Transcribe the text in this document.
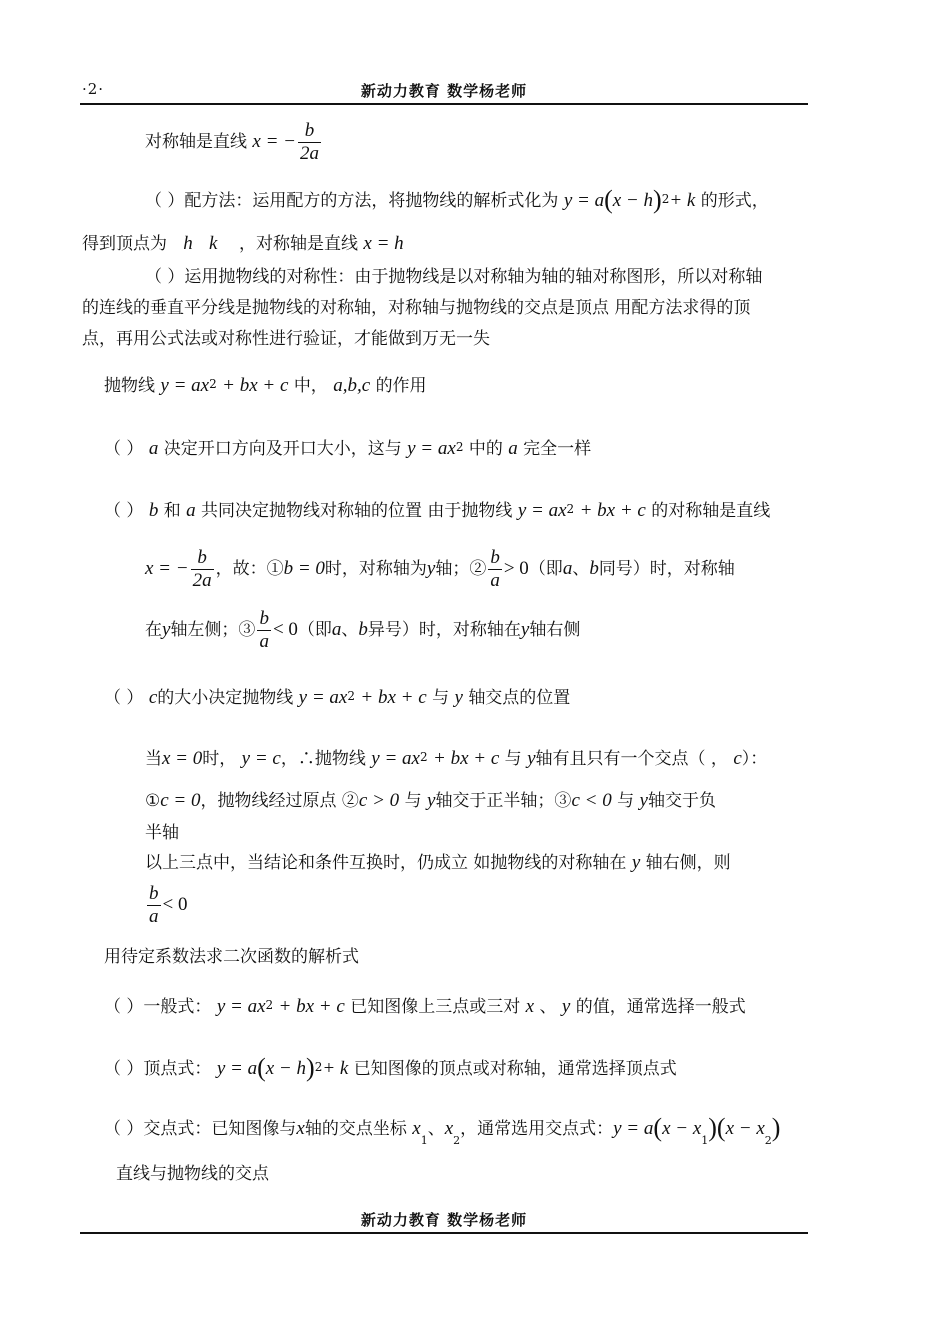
·2·	新动力教育 数学杨老师
对称轴是直线 x = − $\frac{b}{2a}$
（ ）配方法：运用配方的方法，将抛物线的解析式化为 $y = a(x - h)^2+ k$ 的形式，
得到顶点为 h k ，对称轴是直线 x = h
（ ）运用抛物线的对称性：由于抛物线是以对称轴为轴的轴对称图形，所以对称轴
的连线的垂直平分线是抛物线的对称轴，对称轴与抛物线的交点是顶点 用配方法求得的顶
点，再用公式法或对称性进行验证，才能做到万无一失
抛物线 $y = ax^2$ + bx + c 中， a,b,c 的作用
（ ） a 决定开口方向及开口大小，这与 $y = ax^2$ 中的 a 完全一样
（ ） b 和 a 共同决定抛物线对称轴的位置 由于抛物线 $y = ax^2$ + bx + c 的对称轴是直线
x = − $\frac{b}{2a}$ ，故：①b = 0时，对称轴为y轴；② $\frac{b}{a} > 0$（即a、b同号）时，对称轴
在y轴左侧；③ $\frac{b}{a} < 0$（即a、b异号）时，对称轴在y轴右侧
（ ） c的大小决定抛物线 $y = ax^2$ + bx + c 与 y 轴交点的位置
当x = 0时， y = c，∴抛物线 $y = ax^2$ + bx + c 与 y轴有且只有一个交点（ ， c）：
①c = 0，抛物线经过原点 ②c > 0 与 y轴交于正半轴；③c < 0 与 y轴交于负
半轴
以上三点中，当结论和条件互换时，仍成立 如抛物线的对称轴在 y 轴右侧，则
$\frac{b}{a} < 0$
用待定系数法求二次函数的解析式
（ ）一般式： $y = ax^2$ + bx + c 已知图像上三点或三对 x 、 y 的值，通常选择一般式
（ ）顶点式： $y = a(x - h)^2+ k$ 已知图像的顶点或对称轴，通常选择顶点式
（ ）交点式：已知图像与x轴的交点坐标 $x_1$、$x_2$，通常选用交点式：$y = a(x - x_1)(x - x_2)$
直线与抛物线的交点
新动力教育 数学杨老师
